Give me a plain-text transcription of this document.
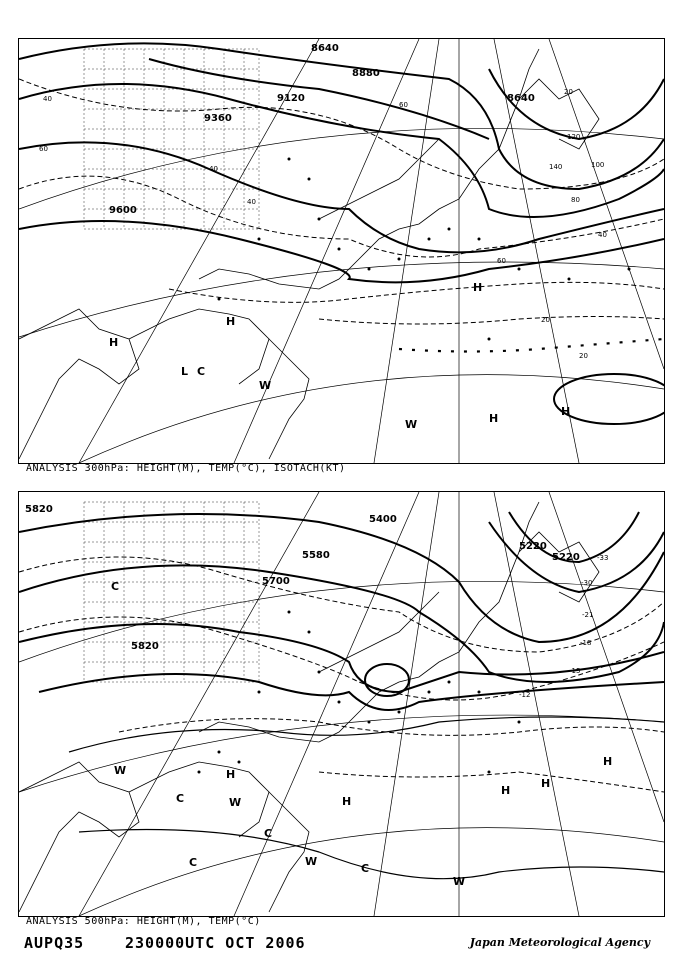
8640
8880
9120
9360
9600
8640
40
60
40
40
60
100
80
40
60
20
20
140
120
20
H
L C
H
W
W	H
H
H
ANALYSIS 300hPa: HEIGHT(M), TEMP(°C), ISOTACH(KT)
5820
5580
5700
5820
5400
5220
5220
-15
-12
-18
-21
-30
-33
C
H
W
C
W
H
C
W
C
W
H
H
H
C
ANALYSIS 500hPa: HEIGHT(M), TEMP(°C)
AUPQ35	230000UTC OCT 2006	Japan Meteorological Agency
